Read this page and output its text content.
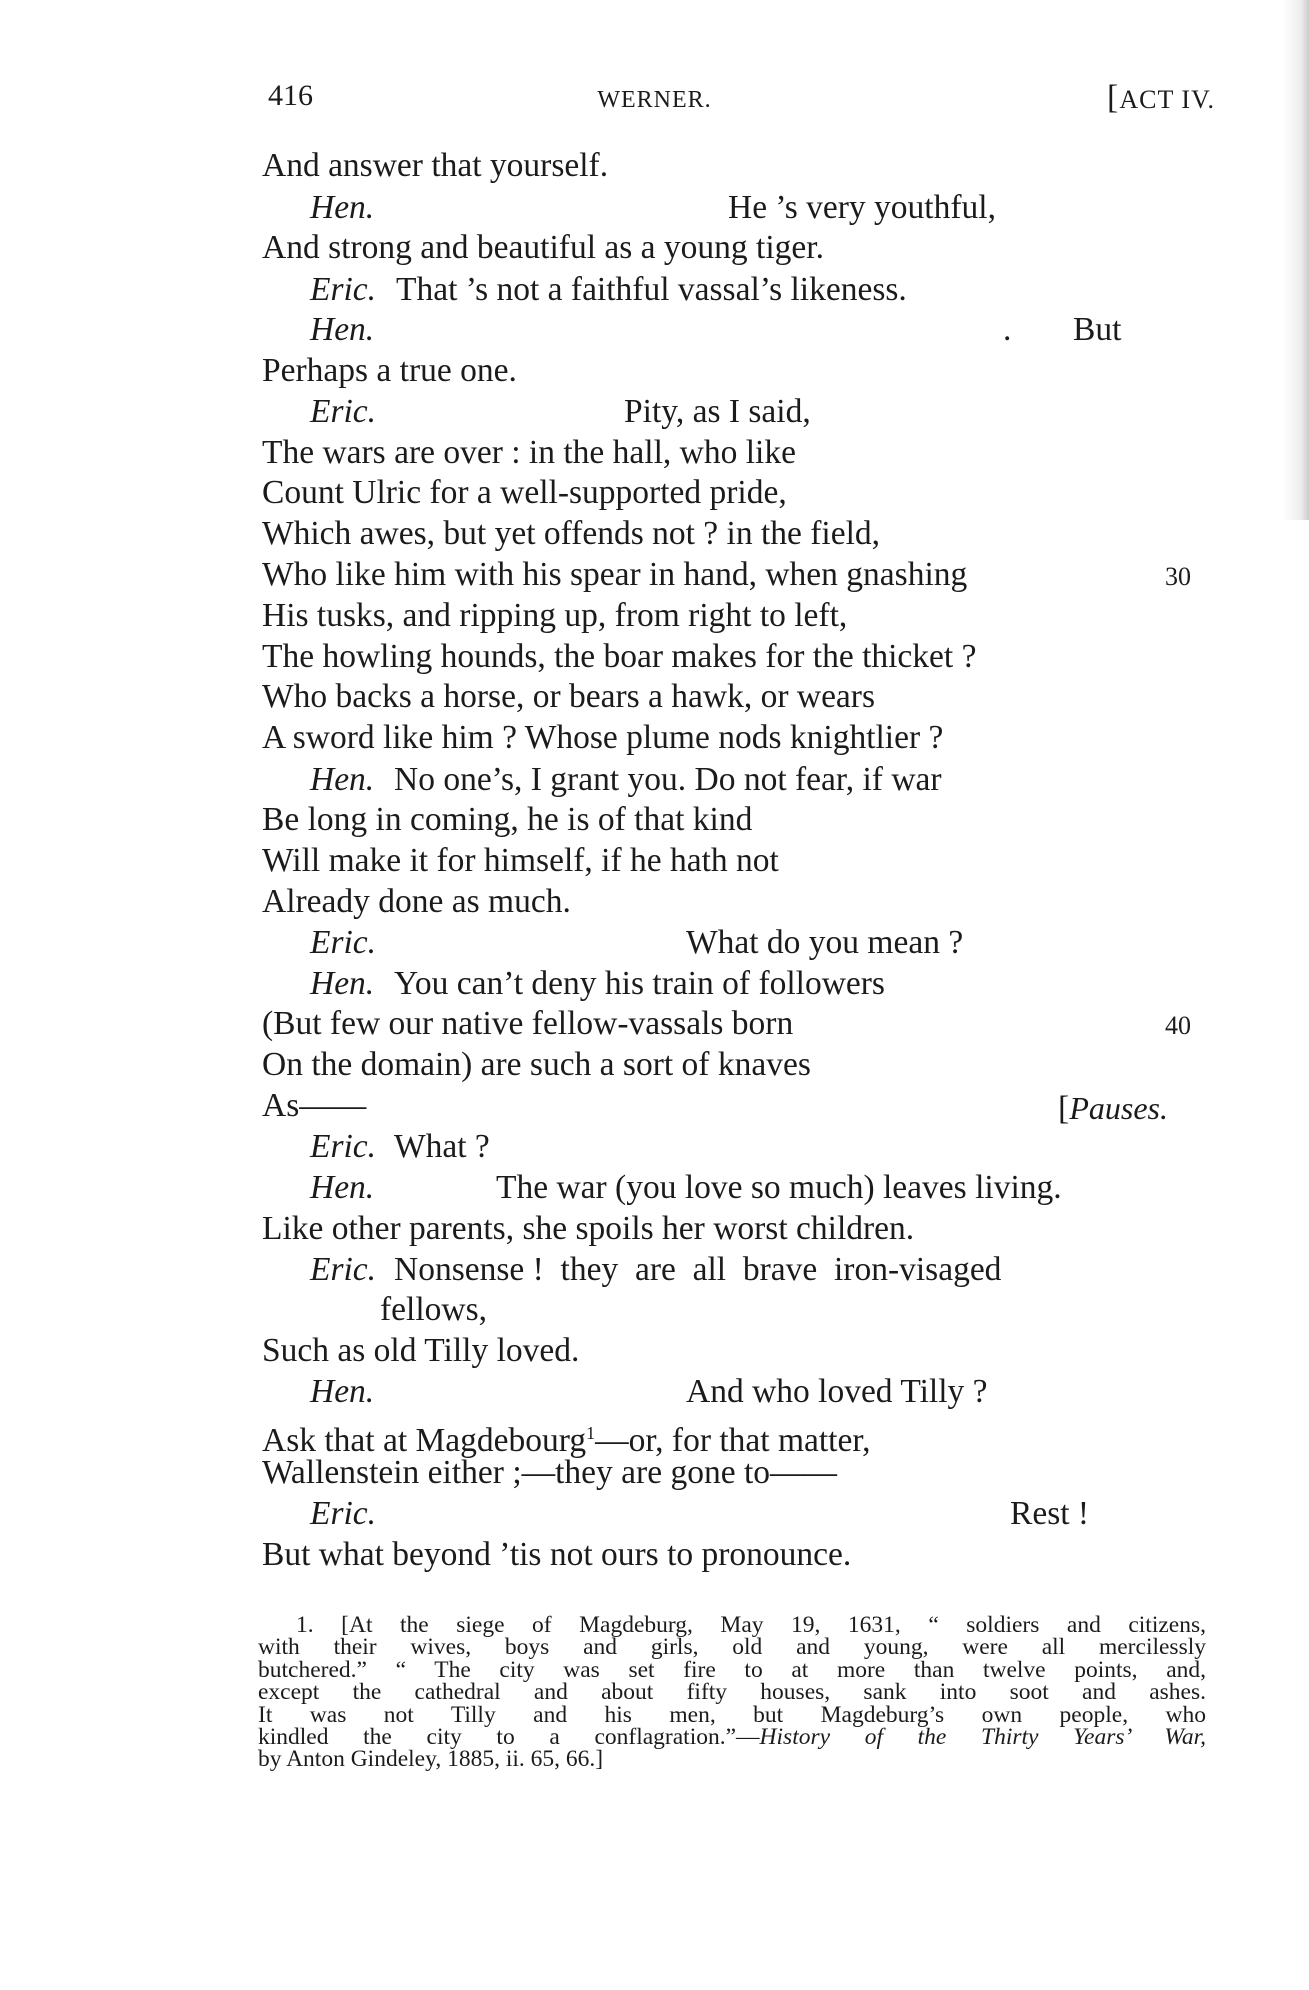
416	WERNER.	[ACT IV.
And answer that yourself.
Hen.	He ’s very youthful,
And strong and beautiful as a young tiger.
Eric. That ’s not a faithful vassal’s likeness.
Hen.	. But
Perhaps a true one.
Eric.	Pity, as I said,
The wars are over : in the hall, who like
Count Ulric for a well-supported pride,
Which awes, but yet offends not ? in the field,
Who like him with his spear in hand, when gnashing	30
His tusks, and ripping up, from right to left,
The howling hounds, the boar makes for the thicket ?
Who backs a horse, or bears a hawk, or wears
A sword like him ? Whose plume nods knightlier ?
Hen. No one’s, I grant you. Do not fear, if war
Be long in coming, he is of that kind
Will make it for himself, if he hath not
Already done as much.
Eric.	What do you mean ?
Hen. You can’t deny his train of followers
(But few our native fellow-vassals born	40
On the domain) are such a sort of knaves
As——	[Pauses.
Eric. What ?
Hen.	The war (you love so much) leaves living.
Like other parents, she spoils her worst children.
Eric. Nonsense !  they  are  all  brave  iron-visaged
fellows,
Such as old Tilly loved.
Hen.	And who loved Tilly ?
Ask that at Magdebourg$^1$—or, for that matter,
Wallenstein either ;—they are gone to——
Eric.	Rest !
But what beyond ’tis not ours to pronounce.
1. [At the siege of Magdeburg, May 19, 1631, “ soldiers and citizens,
with their wives, boys and girls, old and young, were all mercilessly
butchered.” “ The city was set fire to at more than twelve points, and,
except the cathedral and about fifty houses, sank into soot and ashes.
It  was  not  Tilly  and  his  men,  but  Magdeburg’s  own  people,  who
kindled the city to a conflagration.”—History of the Thirty Years’ War,
by Anton Gindeley, 1885, ii. 65, 66.]
